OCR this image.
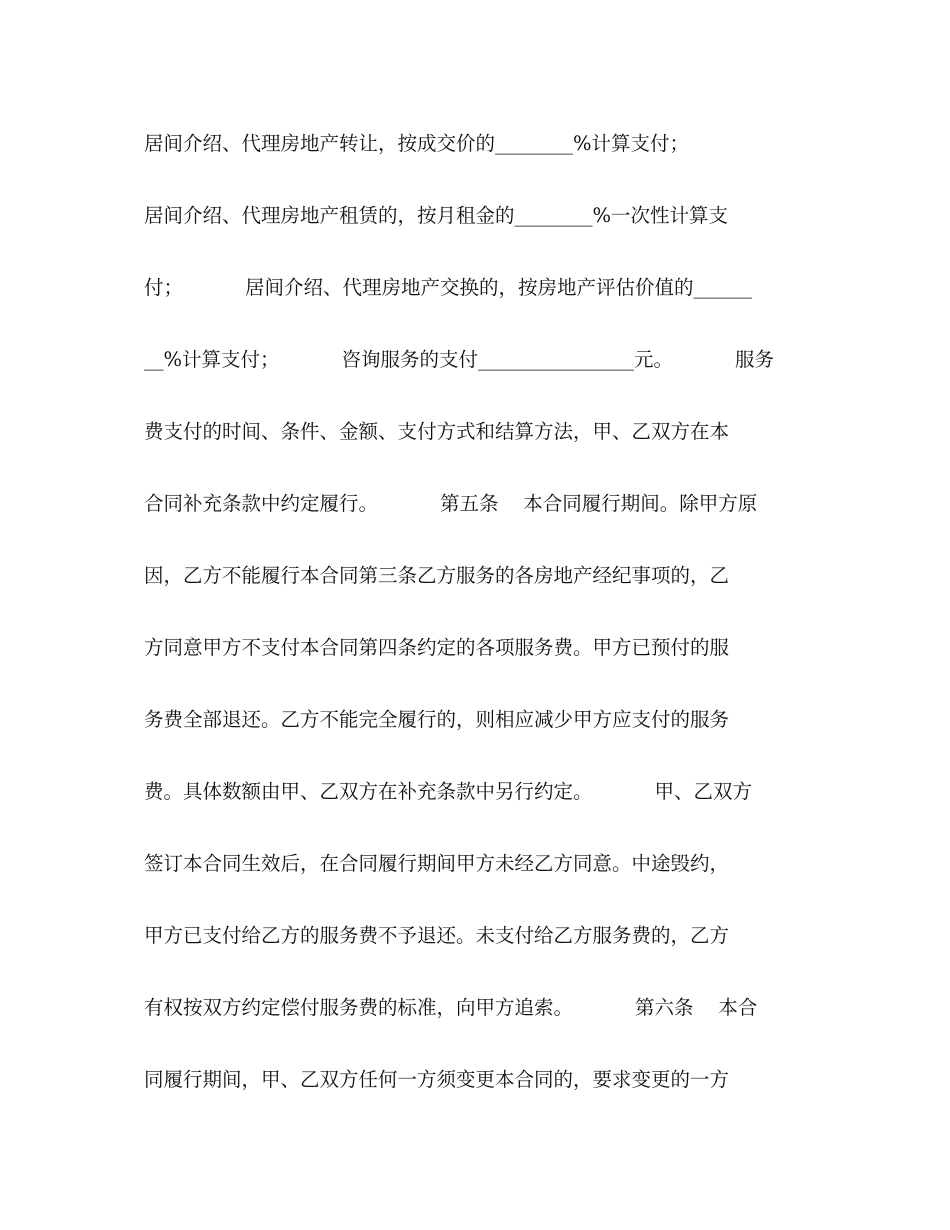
居间介绍、代理房地产转让，按成交价的________%计算支付；
居间介绍、代理房地产租赁的，按月租金的________%一次性计算支
付；          居间介绍、代理房地产交换的，按房地产评估价值的______
__%计算支付；          咨询服务的支付________________元。          服务
费支付的时间、条件、金额、支付方式和结算方法，甲、乙双方在本
合同补充条款中约定履行。          第五条    本合同履行期间。除甲方原
因，乙方不能履行本合同第三条乙方服务的各房地产经纪事项的，乙
方同意甲方不支付本合同第四条约定的各项服务费。甲方已预付的服
务费全部退还。乙方不能完全履行的，则相应减少甲方应支付的服务
费。具体数额由甲、乙双方在补充条款中另行约定。          甲、乙双方
签订本合同生效后，在合同履行期间甲方未经乙方同意。中途毁约，
甲方已支付给乙方的服务费不予退还。未支付给乙方服务费的，乙方
有权按双方约定偿付服务费的标准，向甲方追索。          第六条    本合
同履行期间，甲、乙双方任何一方须变更本合同的，要求变更的一方
